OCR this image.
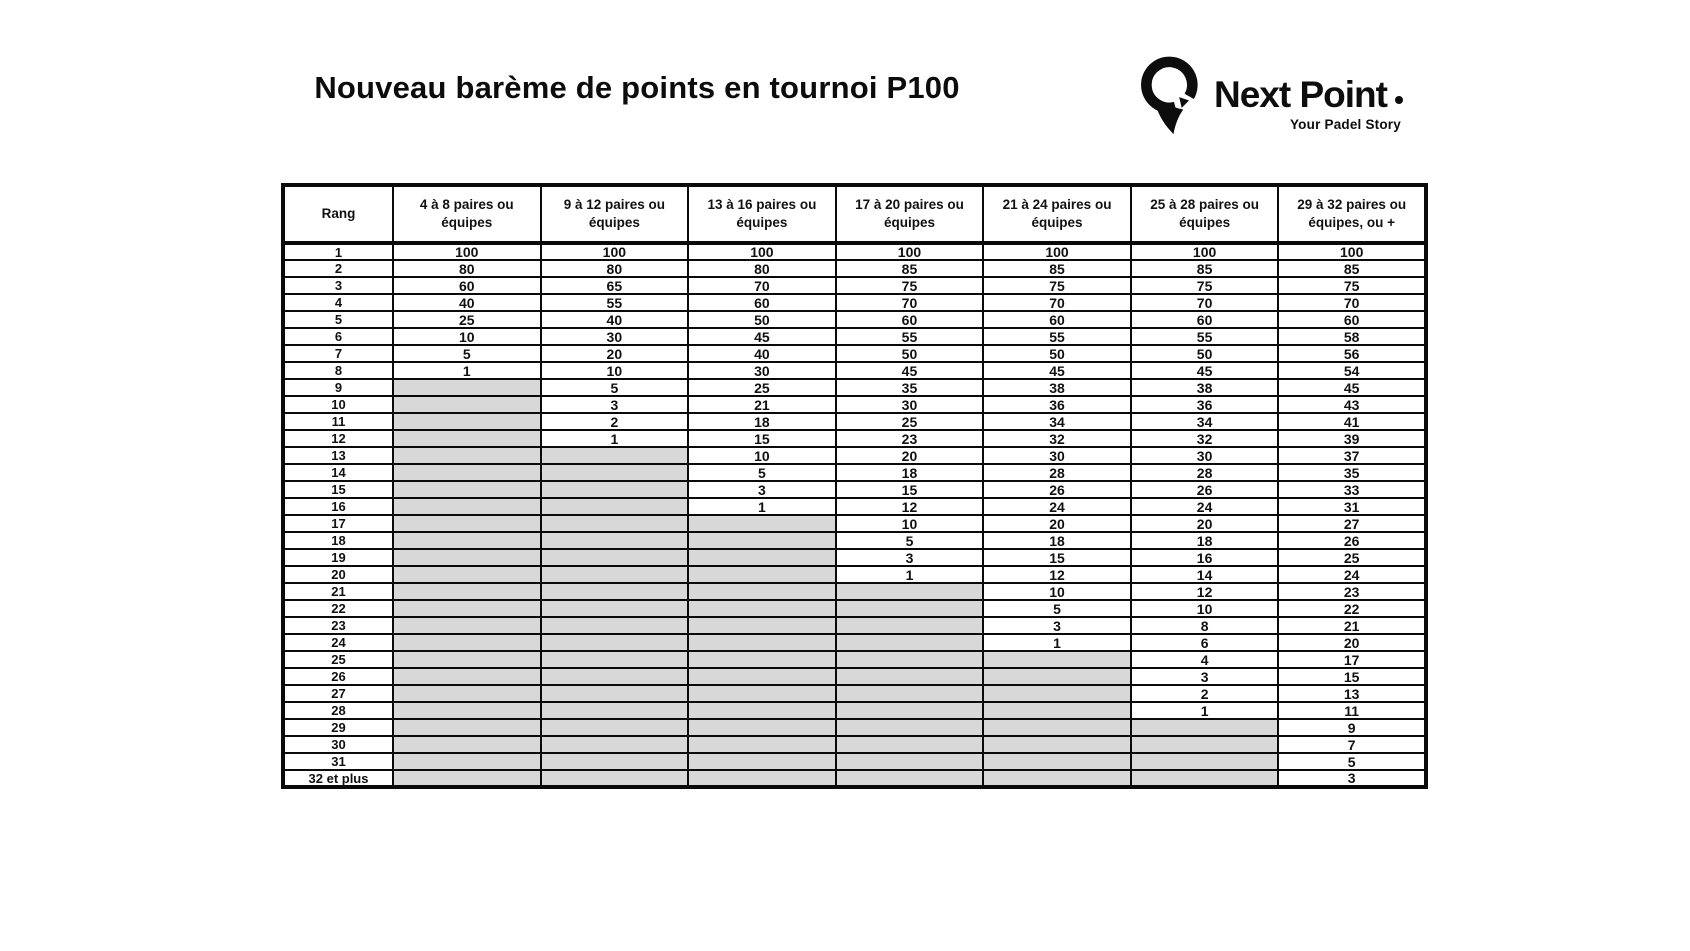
Nouveau barème de points en tournoi P100	Next Point
Your Padel Story
Rang	4 à 8 paires ou équipes	9 à 12 paires ou équipes	13 à 16 paires ou équipes	17 à 20 paires ou équipes	21 à 24 paires ou équipes	25 à 28 paires ou équipes	29 à 32 paires ou équipes, ou +
1	100	100	100	100	100	100	100
2	80	80	80	85	85	85	85
3	60	65	70	75	75	75	75
4	40	55	60	70	70	70	70
5	25	40	50	60	60	60	60
6	10	30	45	55	55	55	58
7	5	20	40	50	50	50	56
8	1	10	30	45	45	45	54
9		5	25	35	38	38	45
10		3	21	30	36	36	43
11		2	18	25	34	34	41
12		1	15	23	32	32	39
13			10	20	30	30	37
14			5	18	28	28	35
15			3	15	26	26	33
16			1	12	24	24	31
17				10	20	20	27
18				5	18	18	26
19				3	15	16	25
20				1	12	14	24
21					10	12	23
22					5	10	22
23					3	8	21
24					1	6	20
25						4	17
26						3	15
27						2	13
28						1	11
29							9
30							7
31							5
32 et plus							3
